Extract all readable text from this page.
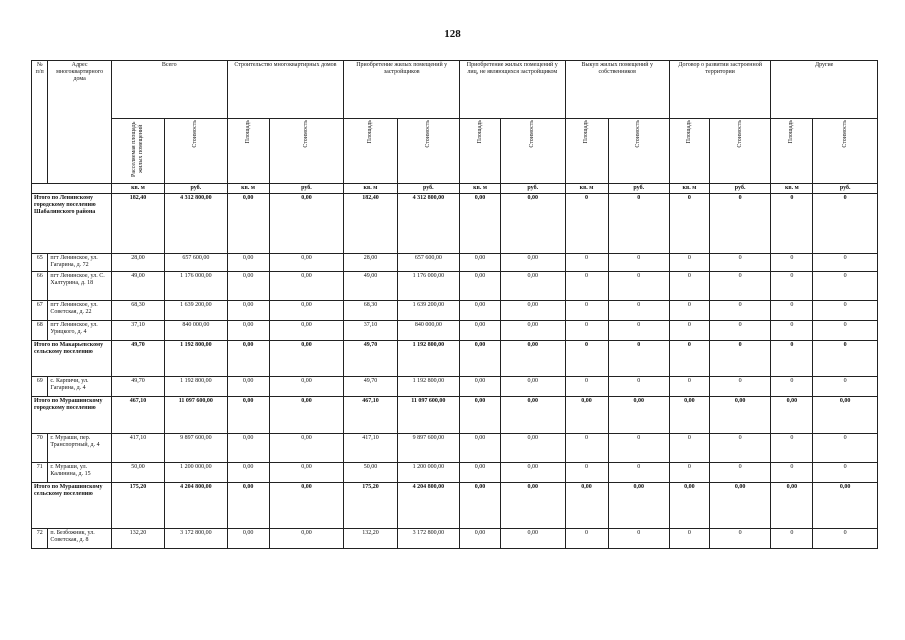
128
№ п/п	Адрес многоквартирного дома	Всего		Строительство многоквартирных домов		Приобретение жилых помещений у застройщиков		Приобретение жилых помещений у лиц, не являющихся застройщиком		Выкуп жилых помещений у собственников		Договор о развитии застроенной территории		Другие	
		Расселяемая площадь жилых помещений	Стоимость	Площадь	Стоимость	Площадь	Стоимость	Площадь	Стоимость	Площадь	Стоимость	Площадь	Стоимость	Площадь	Стоимость
		кв. м	руб.	кв. м	руб.	кв. м	руб.	кв. м	руб.	кв. м	руб.	кв. м	руб.	кв. м	руб.
Итого по Ленинскому городскому поселению Шабалинского района		182,40	4 312 800,00	0,00	0,00	182,40	4 312 800,00	0,00	0,00	0	0	0	0	0	0
65	пгт Ленинское, ул. Гагарина, д. 72	28,00	657 600,00	0,00	0,00	28,00	657 600,00	0,00	0,00	0	0	0	0	0	0
66	пгт Ленинское, ул. С. Халтурина, д. 18	49,00	1 176 000,00	0,00	0,00	49,00	1 176 000,00	0,00	0,00	0	0	0	0	0	0
67	пгт Ленинское, ул. Советская, д. 22	68,30	1 639 200,00	0,00	0,00	68,30	1 639 200,00	0,00	0,00	0	0	0	0	0	0
68	пгт Ленинское, ул. Урицкого, д. 4	37,10	840 000,00	0,00	0,00	37,10	840 000,00	0,00	0,00	0	0	0	0	0	0
Итого по Макарьевскому сельскому поселению		49,70	1 192 800,00	0,00	0,00	49,70	1 192 800,00	0,00	0,00	0	0	0	0	0	0
69	с. Карпичи, ул. Гагарина, д. 4	49,70	1 192 800,00	0,00	0,00	49,70	1 192 800,00	0,00	0,00	0	0	0	0	0	0
Итого по Мурашинскому городскому поселению		467,10	11 097 600,00	0,00	0,00	467,10	11 097 600,00	0,00	0,00	0,00	0,00	0,00	0,00	0,00	0,00
70	г. Мураши, пер. Транспортный, д. 4	417,10	9 897 600,00	0,00	0,00	417,10	9 897 600,00	0,00	0,00	0	0	0	0	0	0
71	г. Мураши, ул. Калинина, д. 15	50,00	1 200 000,00	0,00	0,00	50,00	1 200 000,00	0,00	0,00	0	0	0	0	0	0
Итого по Мурашинскому сельскому поселению		175,20	4 204 800,00	0,00	0,00	175,20	4 204 800,00	0,00	0,00	0,00	0,00	0,00	0,00	0,00	0,00
72	п. Безбожник, ул. Советская, д. 8	132,20	3 172 800,00	0,00	0,00	132,20	3 172 800,00	0,00	0,00	0	0	0	0	0	0
